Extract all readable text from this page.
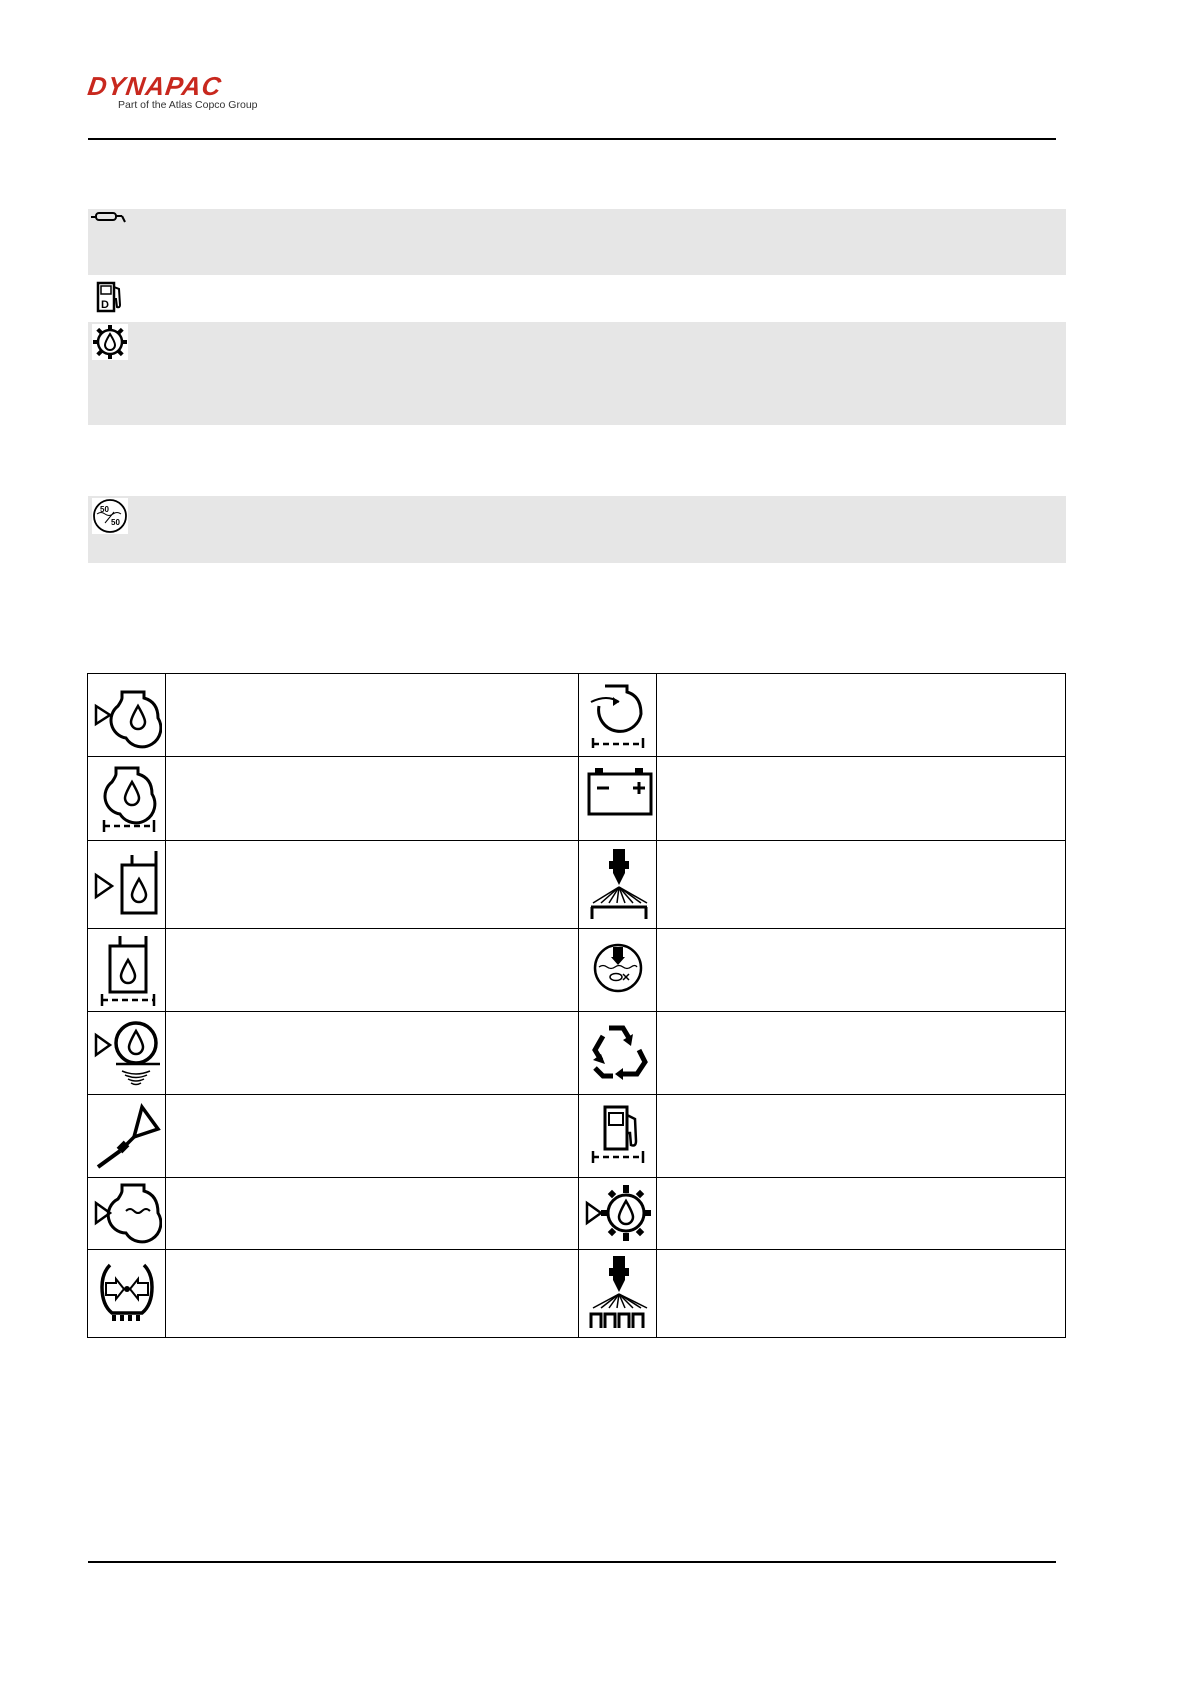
DYNAPAC
Part of the Atlas Copco Group
D
50
50
